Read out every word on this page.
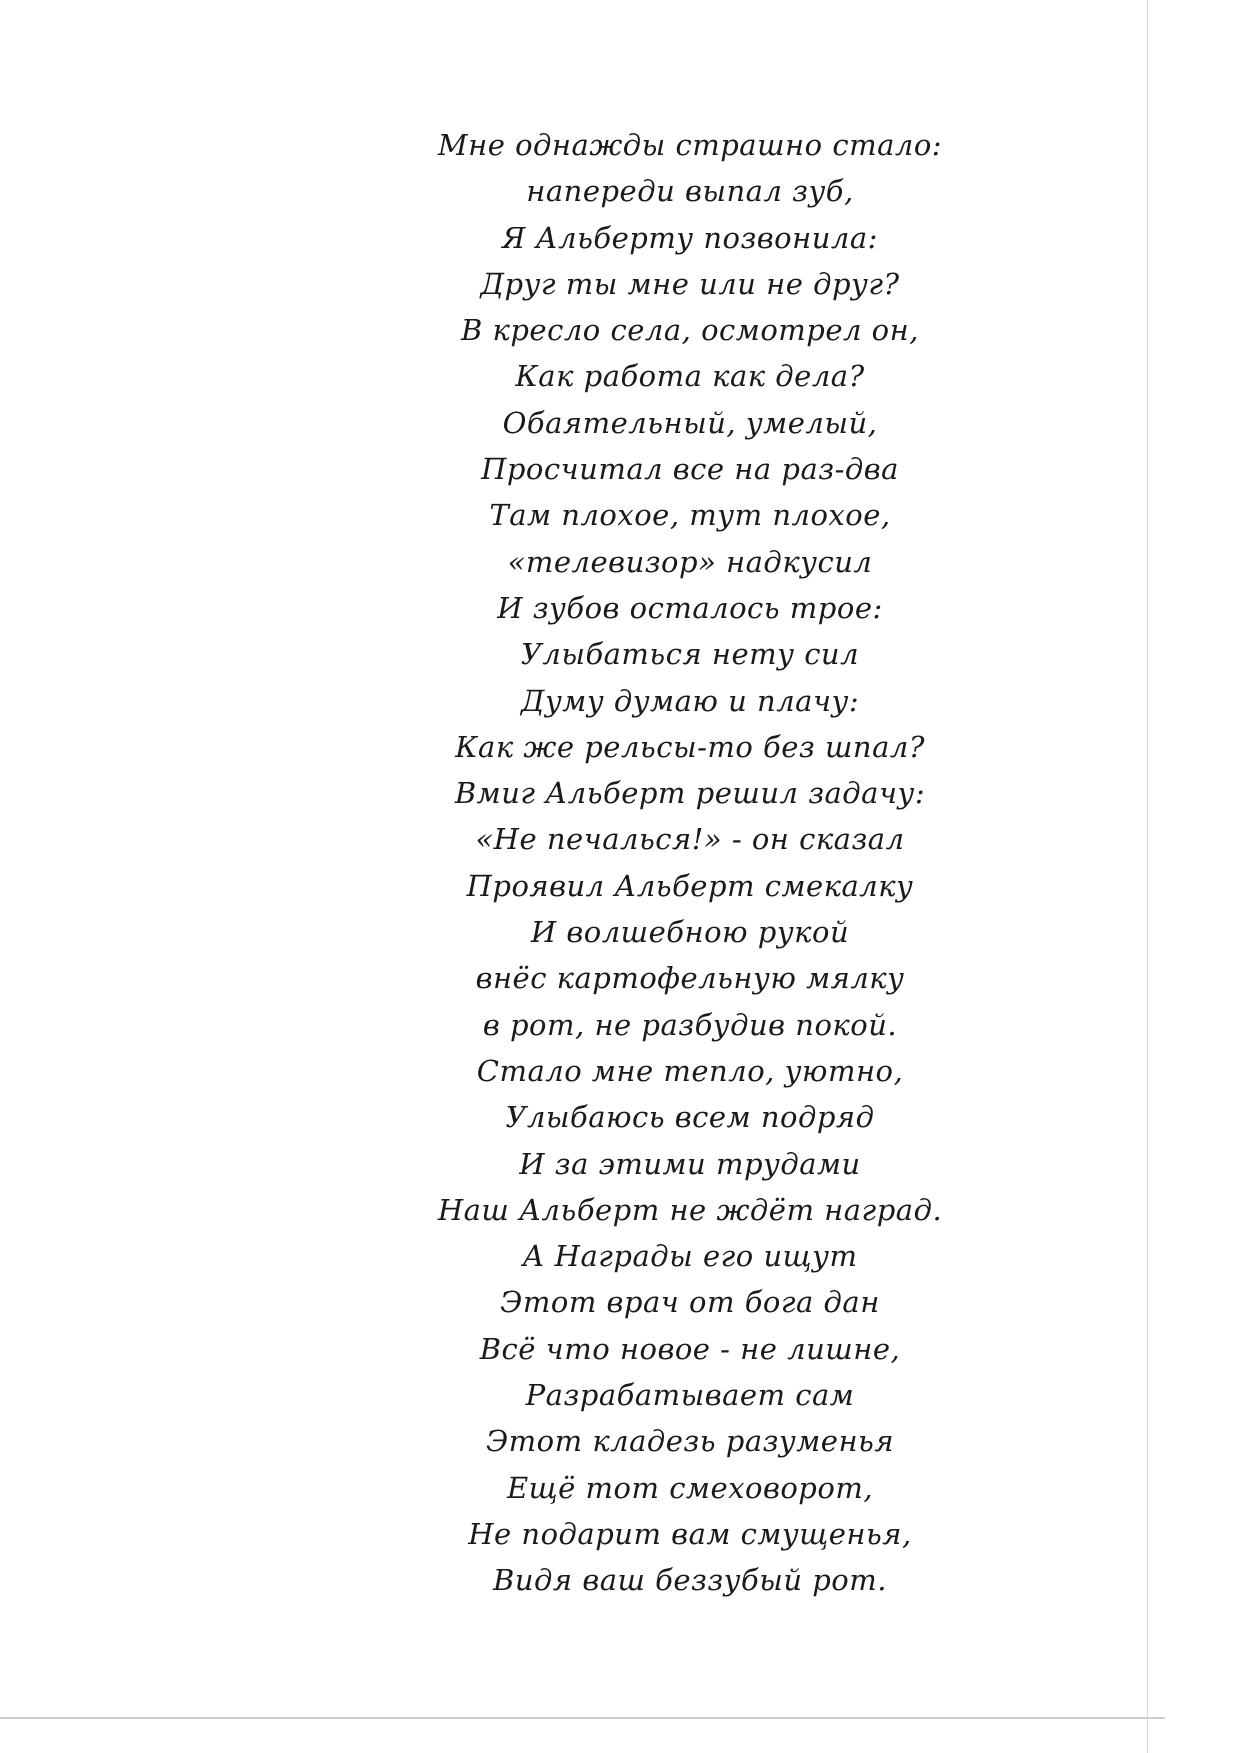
Мне однажды страшно стало:
напереди выпал зуб,
Я Альберту позвонила:
Друг ты мне или не друг?
В кресло села, осмотрел он,
Как работа как дела?
Обаятельный, умелый,
Просчитал все на раз-два
Там плохое, тут плохое,
«телевизор» надкусил
И зубов осталось трое:
Улыбаться нету сил
Думу думаю и плачу:
Как же рельсы-то без шпал?
Вмиг Альберт решил задачу:
«Не печалься!» - он сказал
Проявил Альберт смекалку
И волшебною рукой
внёс картофельную мялку
в рот, не разбудив покой.
Стало мне тепло, уютно,
Улыбаюсь всем подряд
И за этими трудами
Наш Альберт не ждёт наград.
А Награды его ищут
Этот врач от бога дан
Всё что новое - не лишне,
Разрабатывает сам
Этот кладезь разуменья
Ещё тот смеховорот,
Не подарит вам смущенья,
Видя ваш беззубый рот.
